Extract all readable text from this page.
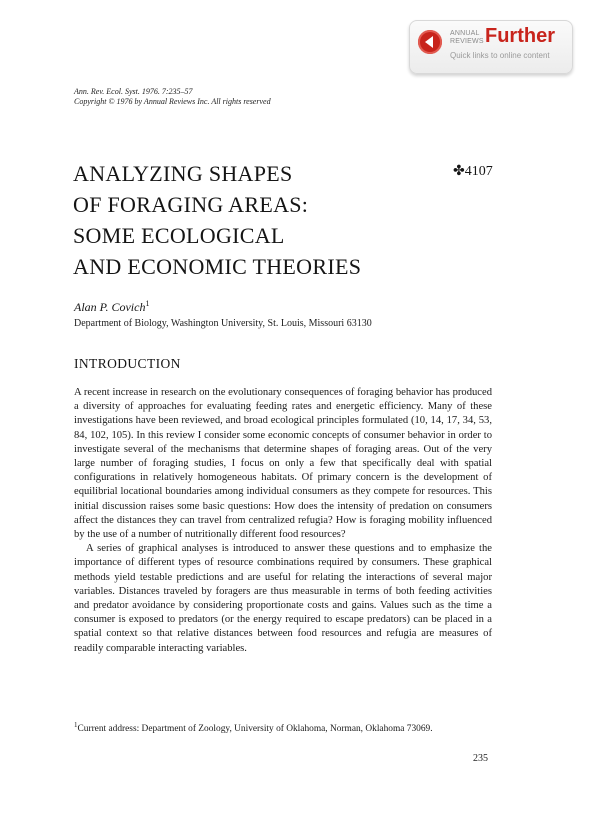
ANNUAL
REVIEWS Further
Quick links to online content
Ann. Rev. Ecol. Syst. 1976. 7:235–57
Copyright © 1976 by Annual Reviews Inc. All rights reserved
ANALYZING SHAPES
OF FORAGING AREAS:
SOME ECOLOGICAL
AND ECONOMIC THEORIES
✤4107
Alan P. Covich$^1$
Department of Biology, Washington University, St. Louis, Missouri 63130
INTRODUCTION

A recent increase in research on the evolutionary consequences of foraging behavior has produced a diversity of approaches for evaluating feeding rates and energetic efficiency. Many of these investigations have been reviewed, and broad ecological principles formulated (10, 14, 17, 34, 53, 84, 102, 105). In this review I consider some economic concepts of consumer behavior in order to investigate several of the mechanisms that determine shapes of foraging areas. Out of the very large number of foraging studies, I focus on only a few that specifically deal with spatial configurations in relatively homogeneous habitats. Of primary concern is the development of equilibrial locational boundaries among individual consumers as they compete for resources. This initial discussion raises some basic questions: How does the intensity of predation on consumers affect the distances they can travel from centralized refugia? How is foraging mobility influenced by the use of a number of nutritionally different food resources?

A series of graphical analyses is introduced to answer these questions and to emphasize the importance of different types of resource combinations required by consumers. These graphical methods yield testable predictions and are useful for relating the interactions of several major variables. Distances traveled by foragers are thus measurable in terms of both feeding activities and predator avoidance by considering proportionate costs and gains. Values such as the time a consumer is exposed to predators (or the energy required to escape predators) can be placed in a spatial context so that relative distances between food resources and refugia are measures of readily comparable interacting variables.

$^1$Current address: Department of Zoology, University of Oklahoma, Norman, Oklahoma 73069.
235
